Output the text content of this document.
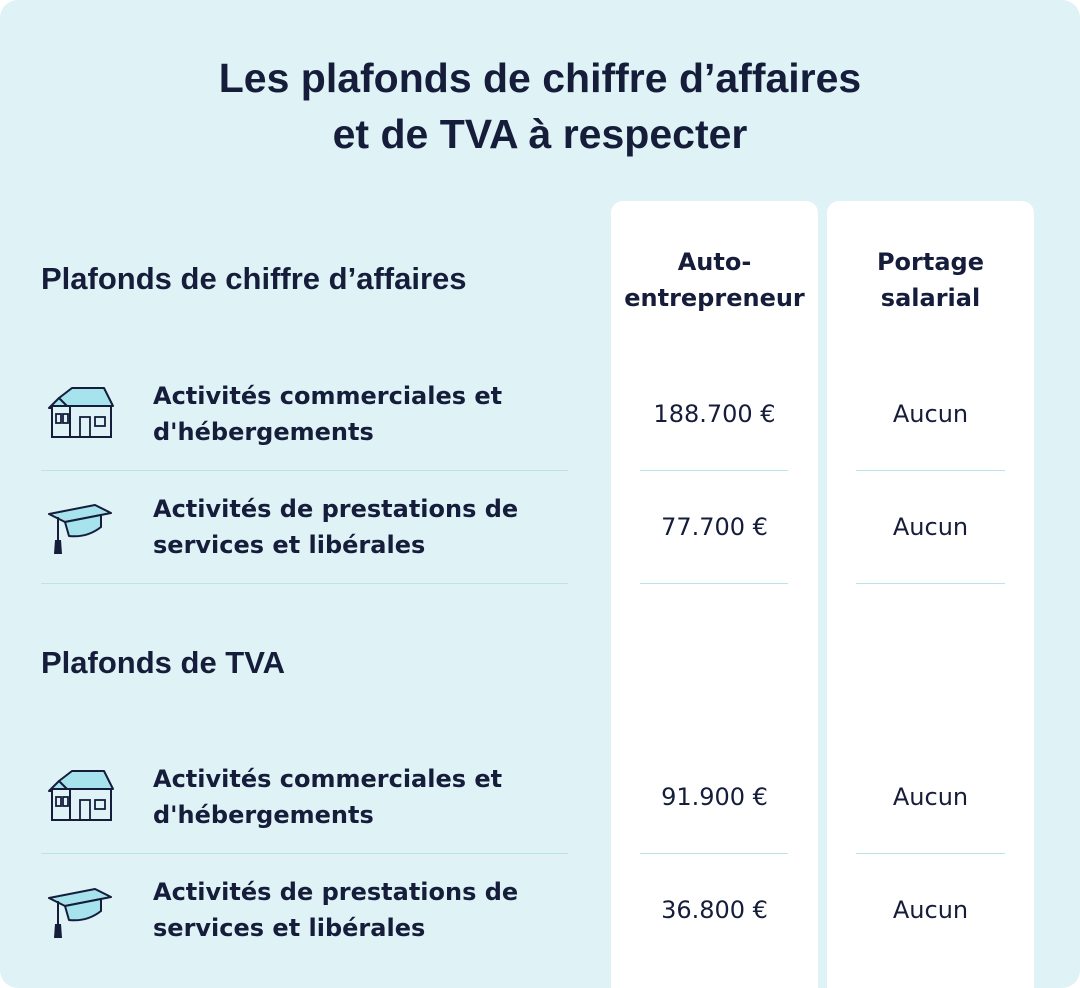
Les plafonds de chiffre d’affaires
et de TVA à respecter
Auto-
entrepreneur
Portage
salarial
Plafonds de chiffre d’affaires
Activités commerciales et
d'hébergements
188.700 €	Aucun
Activités de prestations de
services et libérales
77.700 €	Aucun
Plafonds de TVA
Activités commerciales et
d'hébergements
91.900 €	Aucun
Activités de prestations de
services et libérales
36.800 €	Aucun
